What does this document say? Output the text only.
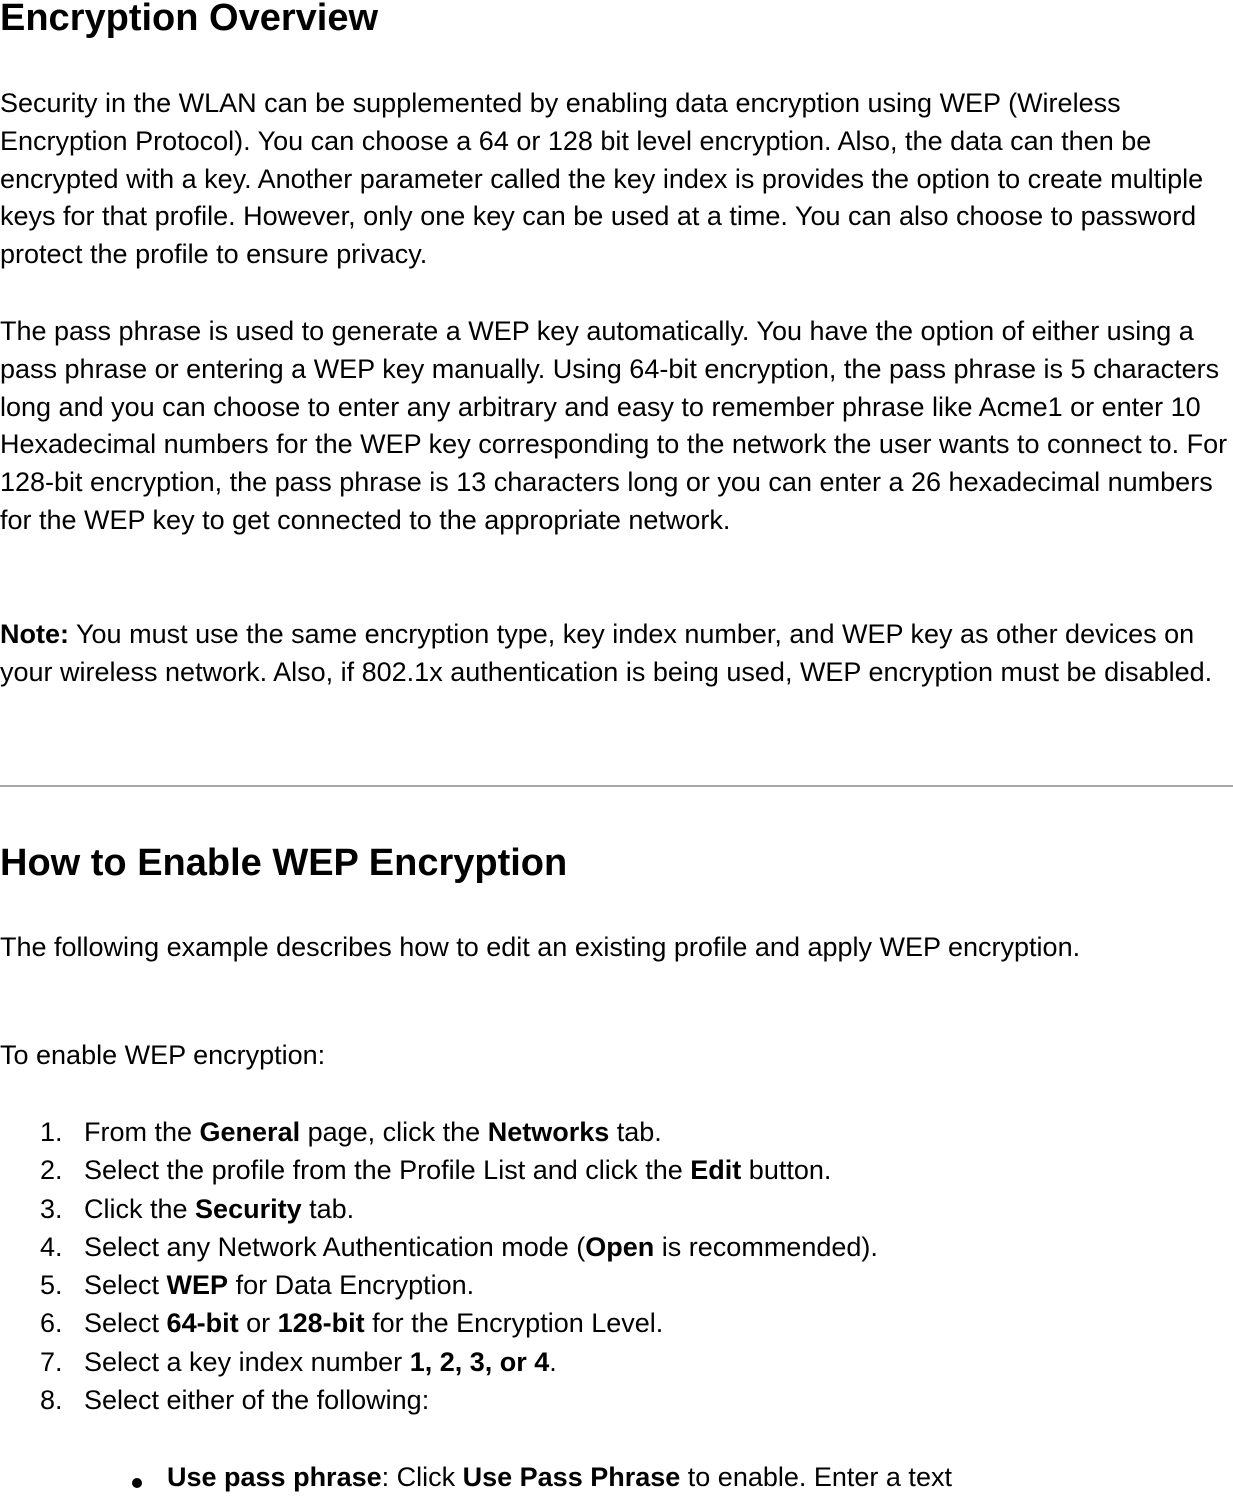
Encryption Overview

Security in the WLAN can be supplemented by enabling data encryption using WEP (Wireless Encryption Protocol). You can choose a 64 or 128 bit level encryption. Also, the data can then be encrypted with a key. Another parameter called the key index is provides the option to create multiple keys for that profile. However, only one key can be used at a time. You can also choose to password protect the profile to ensure privacy.

The pass phrase is used to generate a WEP key automatically. You have the option of either using a pass phrase or entering a WEP key manually. Using 64-bit encryption, the pass phrase is 5 characters long and you can choose to enter any arbitrary and easy to remember phrase like Acme1 or enter 10 Hexadecimal numbers for the WEP key corresponding to the network the user wants to connect to. For 128-bit encryption, the pass phrase is 13 characters long or you can enter a 26 hexadecimal numbers for the WEP key to get connected to the appropriate network.

Note: You must use the same encryption type, key index number, and WEP key as other devices on your wireless network. Also, if 802.1x authentication is being used, WEP encryption must be disabled.

How to Enable WEP Encryption

The following example describes how to edit an existing profile and apply WEP encryption.

To enable WEP encryption:

1. From the General page, click the Networks tab.
2. Select the profile from the Profile List and click the Edit button.
3. Click the Security tab.
4. Select any Network Authentication mode (Open is recommended).
5. Select WEP for Data Encryption.
6. Select 64-bit or 128-bit for the Encryption Level.
7. Select a key index number 1, 2, 3, or 4.
8. Select either of the following:
Use pass phrase: Click Use Pass Phrase to enable. Enter a text
